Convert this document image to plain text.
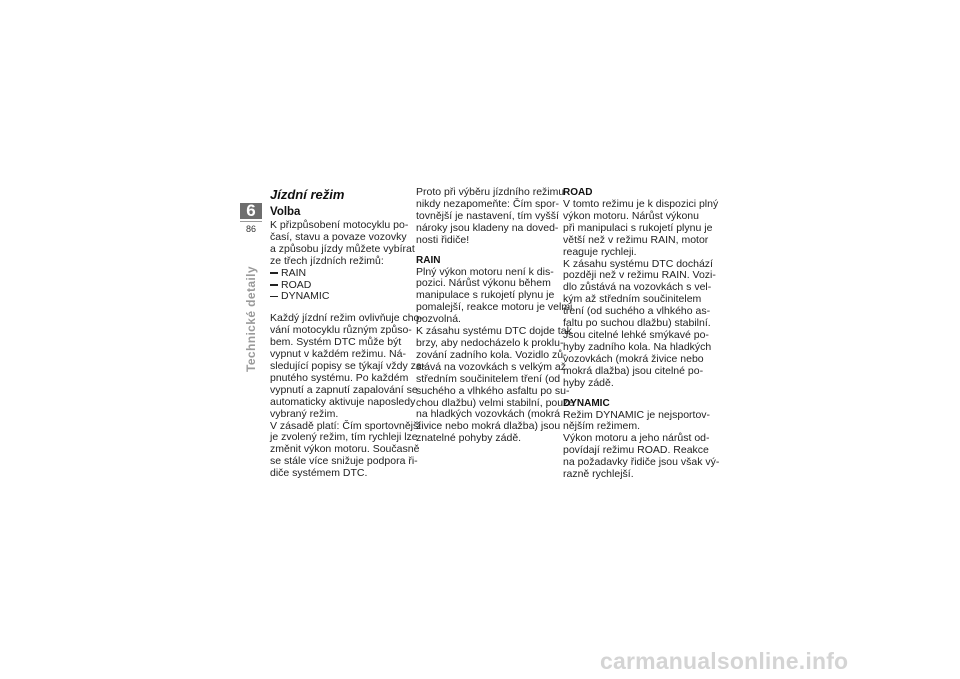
6
86
Technické detaily
Jízdní režim
Volba
K přizpůsobení motocyklu po-
časí, stavu a povaze vozovky
a způsobu jízdy můžete vybírat
ze třech jízdních režimů:
RAIN
ROAD
DYNAMIC
Každý jízdní režim ovlivňuje cho-
vání motocyklu různým způso-
bem. Systém DTC může být
vypnut v každém režimu. Ná-
sledující popisy se týkají vždy za-
pnutého systému. Po každém
vypnutí a zapnutí zapalování se
automaticky aktivuje naposledy
vybraný režim.
V zásadě platí: Čím sportovnější
je zvolený režim, tím rychleji lze
změnit výkon motoru. Současně
se stále více snižuje podpora ři-
diče systémem DTC.
Proto při výběru jízdního režimu
nikdy nezapomeňte: Čím spor-
tovnější je nastavení, tím vyšší
nároky jsou kladeny na doved-
nosti řidiče!
RAIN
Plný výkon motoru není k dis-
pozici. Nárůst výkonu během
manipulace s rukojetí plynu je
pomalejší, reakce motoru je velmi
pozvolná.
K zásahu systému DTC dojde tak
brzy, aby nedocházelo k proklu-
zování zadního kola. Vozidlo zů-
stává na vozovkách s velkým až
středním součinitelem tření (od
suchého a vlhkého asfaltu po su-
chou dlažbu) velmi stabilní, pouze
na hladkých vozovkách (mokrá
živice nebo mokrá dlažba) jsou
znatelné pohyby zádě.
ROAD
V tomto režimu je k dispozici plný
výkon motoru. Nárůst výkonu
při manipulaci s rukojetí plynu je
větší než v režimu RAIN, motor
reaguje rychleji.
K zásahu systému DTC dochází
později než v režimu RAIN. Vozi-
dlo zůstává na vozovkách s vel-
kým až středním součinitelem
tření (od suchého a vlhkého as-
faltu po suchou dlažbu) stabilní.
Jsou citelné lehké smýkavé po-
hyby zadního kola. Na hladkých
vozovkách (mokrá živice nebo
mokrá dlažba) jsou citelné po-
hyby zádě.
DYNAMIC
Režim DYNAMIC je nejsportov-
nějším režimem.
Výkon motoru a jeho nárůst od-
povídají režimu ROAD. Reakce
na požadavky řidiče jsou však vý-
razně rychlejší.
carmanualsonline.info
